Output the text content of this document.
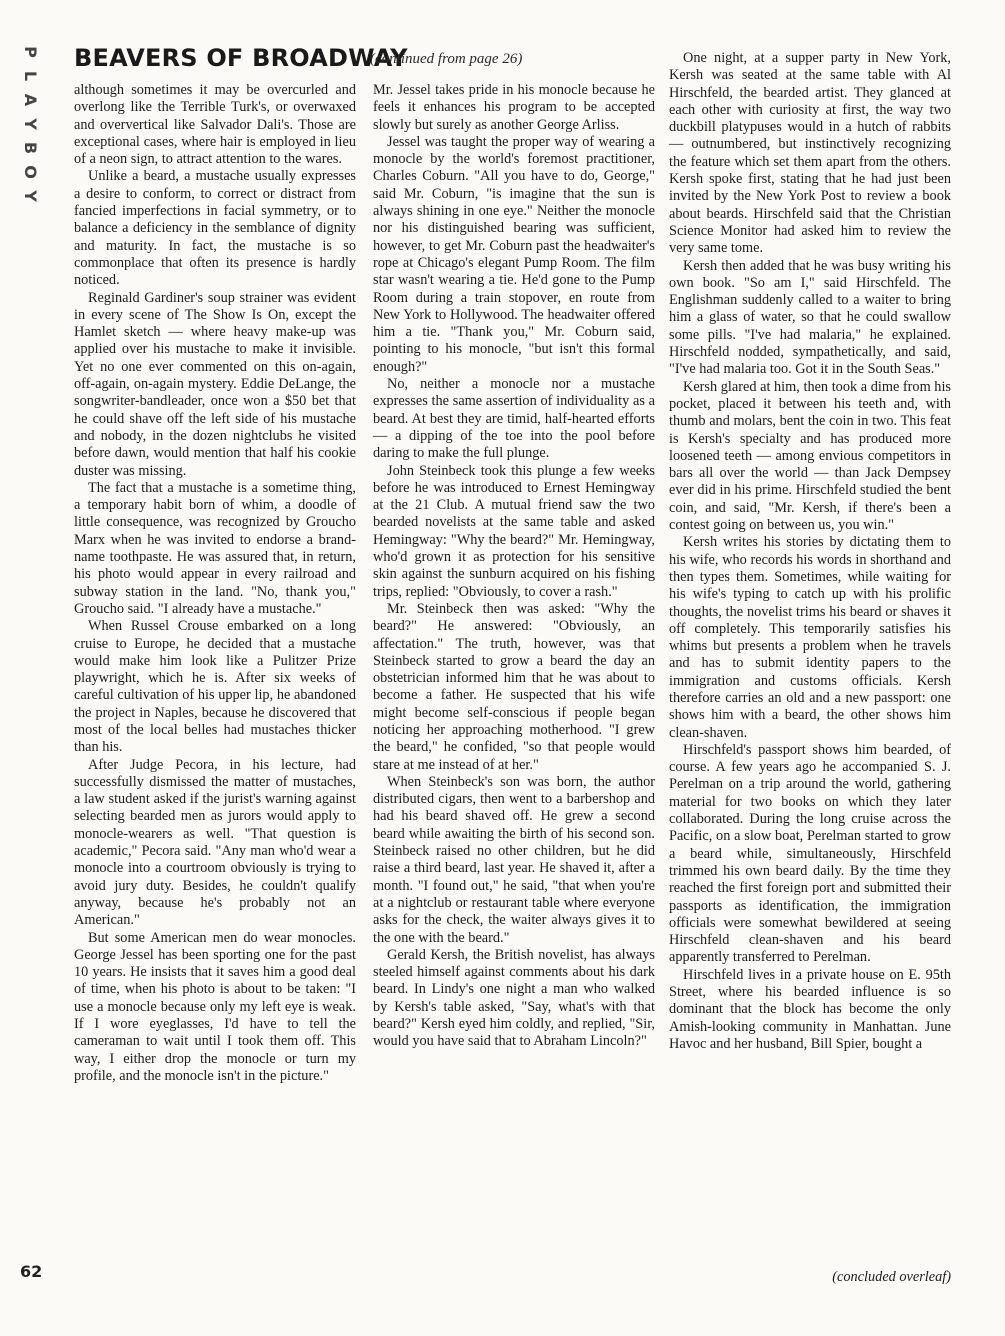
P
L
A
Y
B
O
Y
BEAVERS OF BROADWAY
(continued from page 26)

although sometimes it may be overcurled and overlong like the Terrible Turk's, or overwaxed and oververtical like Salvador Dali's. Those are exceptional cases, where hair is employed in lieu of a neon sign, to attract attention to the wares.

Unlike a beard, a mustache usually expresses a desire to conform, to correct or distract from fancied imperfections in facial symmetry, or to balance a deficiency in the semblance of dignity and maturity. In fact, the mustache is so commonplace that often its presence is hardly noticed.

Reginald Gardiner's soup strainer was evident in every scene of The Show Is On, except the Hamlet sketch — where heavy make-up was applied over his mustache to make it invisible. Yet no one ever commented on this on-again, off-again, on-again mystery. Eddie DeLange, the songwriter-bandleader, once won a $50 bet that he could shave off the left side of his mustache and nobody, in the dozen nightclubs he visited before dawn, would mention that half his cookie duster was missing.

The fact that a mustache is a sometime thing, a temporary habit born of whim, a doodle of little consequence, was recognized by Groucho Marx when he was invited to endorse a brand-name toothpaste. He was assured that, in return, his photo would appear in every railroad and subway station in the land. "No, thank you," Groucho said. "I already have a mustache."

When Russel Crouse embarked on a long cruise to Europe, he decided that a mustache would make him look like a Pulitzer Prize playwright, which he is. After six weeks of careful cultivation of his upper lip, he abandoned the project in Naples, because he discovered that most of the local belles had mustaches thicker than his.

After Judge Pecora, in his lecture, had successfully dismissed the matter of mustaches, a law student asked if the jurist's warning against selecting bearded men as jurors would apply to monocle-wearers as well. "That question is academic," Pecora said. "Any man who'd wear a monocle into a courtroom obviously is trying to avoid jury duty. Besides, he couldn't qualify anyway, because he's probably not an American."

But some American men do wear monocles. George Jessel has been sporting one for the past 10 years. He insists that it saves him a good deal of time, when his photo is about to be taken: "I use a monocle because only my left eye is weak. If I wore eyeglasses, I'd have to tell the cameraman to wait until I took them off. This way, I either drop the monocle or turn my profile, and the monocle isn't in the picture."

Mr. Jessel takes pride in his monocle because he feels it enhances his program to be accepted slowly but surely as another George Arliss.

Jessel was taught the proper way of wearing a monocle by the world's foremost practitioner, Charles Coburn. "All you have to do, George," said Mr. Coburn, "is imagine that the sun is always shining in one eye." Neither the monocle nor his distinguished bearing was sufficient, however, to get Mr. Coburn past the headwaiter's rope at Chicago's elegant Pump Room. The film star wasn't wearing a tie. He'd gone to the Pump Room during a train stopover, en route from New York to Hollywood. The headwaiter offered him a tie. "Thank you," Mr. Coburn said, pointing to his monocle, "but isn't this formal enough?"

No, neither a monocle nor a mustache expresses the same assertion of individuality as a beard. At best they are timid, half-hearted efforts — a dipping of the toe into the pool before daring to make the full plunge.

John Steinbeck took this plunge a few weeks before he was introduced to Ernest Hemingway at the 21 Club. A mutual friend saw the two bearded novelists at the same table and asked Hemingway: "Why the beard?" Mr. Hemingway, who'd grown it as protection for his sensitive skin against the sunburn acquired on his fishing trips, replied: "Obviously, to cover a rash."

Mr. Steinbeck then was asked: "Why the beard?" He answered: "Obviously, an affectation." The truth, however, was that Steinbeck started to grow a beard the day an obstetrician informed him that he was about to become a father. He suspected that his wife might become self-conscious if people began noticing her approaching motherhood. "I grew the beard," he confided, "so that people would stare at me instead of at her."

When Steinbeck's son was born, the author distributed cigars, then went to a barbershop and had his beard shaved off. He grew a second beard while awaiting the birth of his second son. Steinbeck raised no other children, but he did raise a third beard, last year. He shaved it, after a month. "I found out," he said, "that when you're at a nightclub or restaurant table where everyone asks for the check, the waiter always gives it to the one with the beard."

Gerald Kersh, the British novelist, has always steeled himself against comments about his dark beard. In Lindy's one night a man who walked by Kersh's table asked, "Say, what's with that beard?" Kersh eyed him coldly, and replied, "Sir, would you have said that to Abraham Lincoln?"

One night, at a supper party in New York, Kersh was seated at the same table with Al Hirschfeld, the bearded artist. They glanced at each other with curiosity at first, the way two duckbill platypuses would in a hutch of rabbits — outnumbered, but instinctively recognizing the feature which set them apart from the others. Kersh spoke first, stating that he had just been invited by the New York Post to review a book about beards. Hirschfeld said that the Christian Science Monitor had asked him to review the very same tome.

Kersh then added that he was busy writing his own book. "So am I," said Hirschfeld. The Englishman suddenly called to a waiter to bring him a glass of water, so that he could swallow some pills. "I've had malaria," he explained. Hirschfeld nodded, sympathetically, and said, "I've had malaria too. Got it in the South Seas."

Kersh glared at him, then took a dime from his pocket, placed it between his teeth and, with thumb and molars, bent the coin in two. This feat is Kersh's specialty and has produced more loosened teeth — among envious competitors in bars all over the world — than Jack Dempsey ever did in his prime. Hirschfeld studied the bent coin, and said, "Mr. Kersh, if there's been a contest going on between us, you win."

Kersh writes his stories by dictating them to his wife, who records his words in shorthand and then types them. Sometimes, while waiting for his wife's typing to catch up with his prolific thoughts, the novelist trims his beard or shaves it off completely. This temporarily satisfies his whims but presents a problem when he travels and has to submit identity papers to the immigration and customs officials. Kersh therefore carries an old and a new passport: one shows him with a beard, the other shows him clean-shaven.

Hirschfeld's passport shows him bearded, of course. A few years ago he accompanied S. J. Perelman on a trip around the world, gathering material for two books on which they later collaborated. During the long cruise across the Pacific, on a slow boat, Perelman started to grow a beard while, simultaneously, Hirschfeld trimmed his own beard daily. By the time they reached the first foreign port and submitted their passports as identification, the immigration officials were somewhat bewildered at seeing Hirschfeld clean-shaven and his beard apparently transferred to Perelman.

Hirschfeld lives in a private house on E. 95th Street, where his bearded influence is so dominant that the block has become the only Amish-looking community in Manhattan. June Havoc and her husband, Bill Spier, bought a

(concluded overleaf)
62
